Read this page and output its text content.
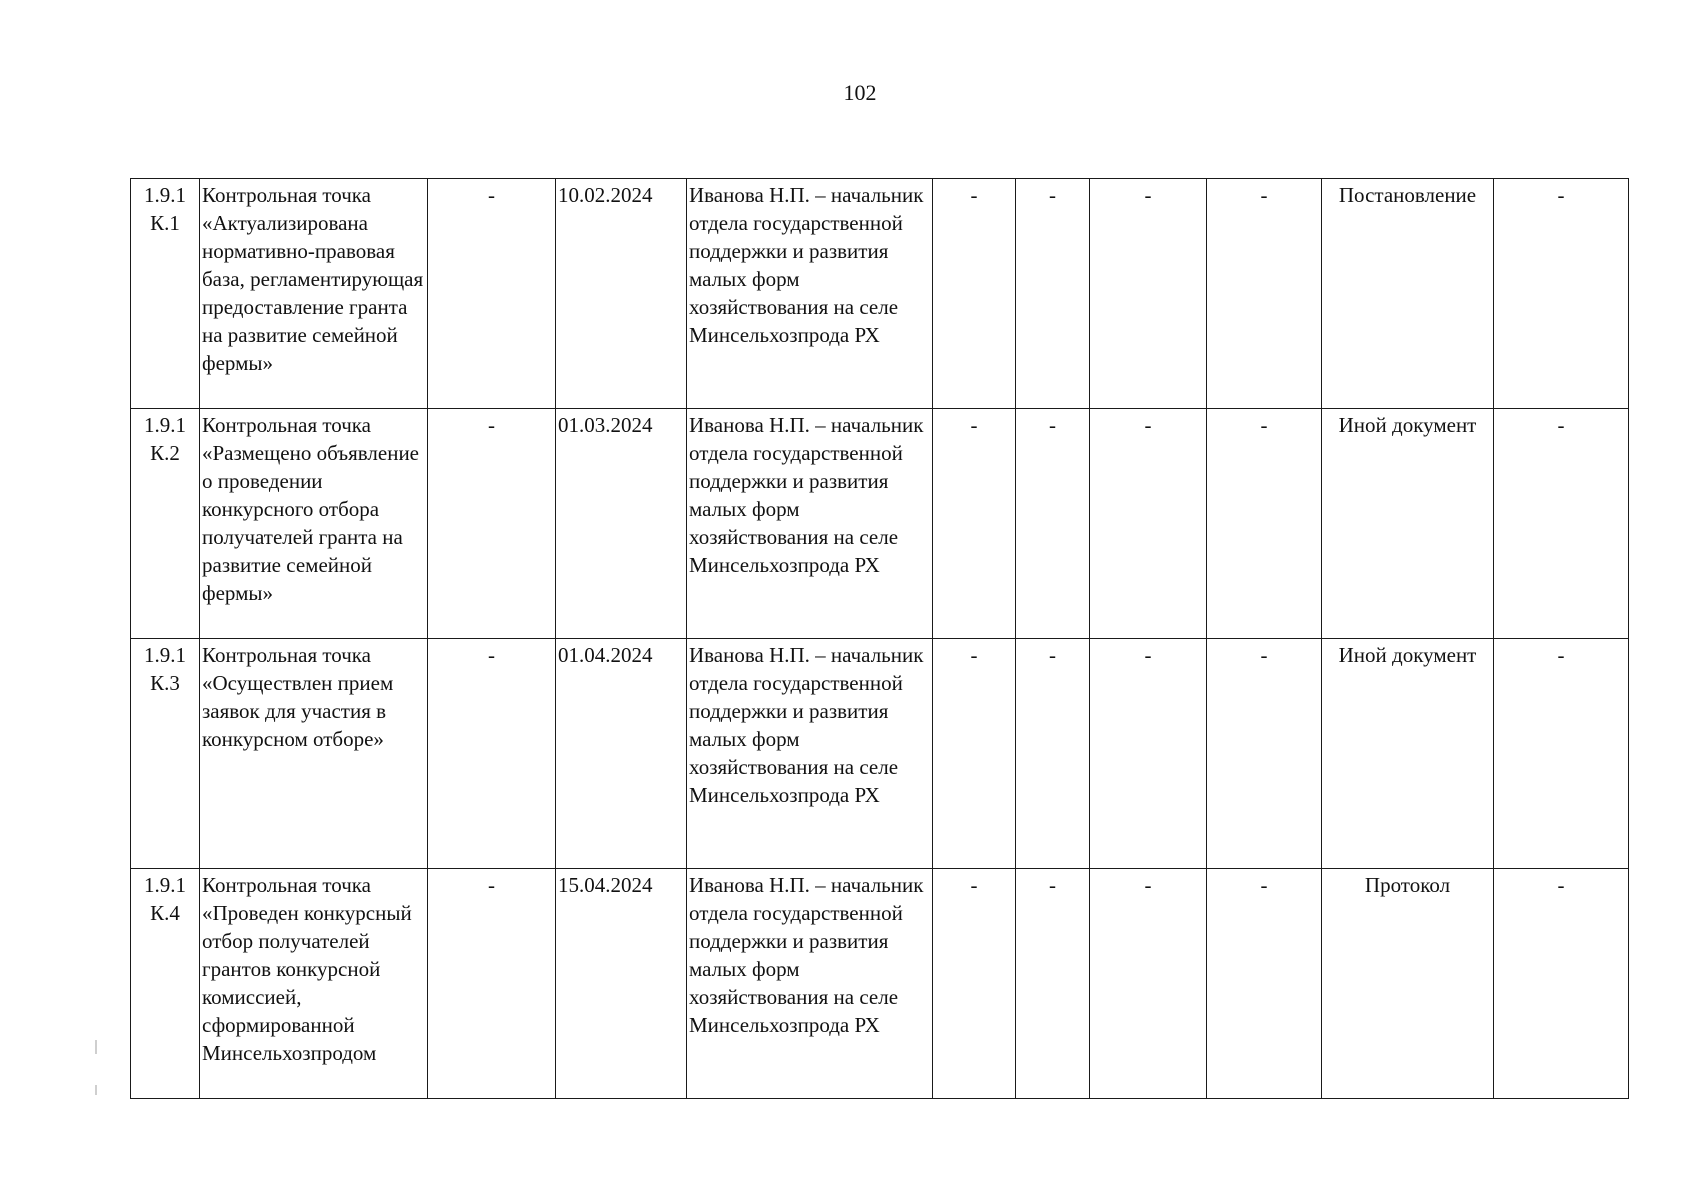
102
1.9.1 К.1	Контрольная точка «Актуализирована нормативно-правовая база, регламентирующая предоставление гранта на развитие семейной фермы»	-	10.02.2024	Иванова Н.П. – начальник отдела государственной поддержки и развития малых форм хозяйствования на селе Минсельхозпрода РХ	-	-	-	-	Постановление	-
1.9.1 К.2	Контрольная точка «Размещено объявление о проведении конкурсного отбора получателей гранта на развитие семейной фермы»	-	01.03.2024	Иванова Н.П. – начальник отдела государственной поддержки и развития малых форм хозяйствования на селе Минсельхозпрода РХ	-	-	-	-	Иной документ	-
1.9.1 К.3	Контрольная точка «Осуществлен прием заявок для участия в конкурсном отборе»	-	01.04.2024	Иванова Н.П. – начальник отдела государственной поддержки и развития малых форм хозяйствования на селе Минсельхозпрода РХ	-	-	-	-	Иной документ	-
1.9.1 К.4	Контрольная точка «Проведен конкурсный отбор получателей грантов конкурсной комиссией, сформированной Минсельхозпродом	-	15.04.2024	Иванова Н.П. – начальник отдела государственной поддержки и развития малых форм хозяйствования на селе Минсельхозпрода РХ	-	-	-	-	Протокол	-
